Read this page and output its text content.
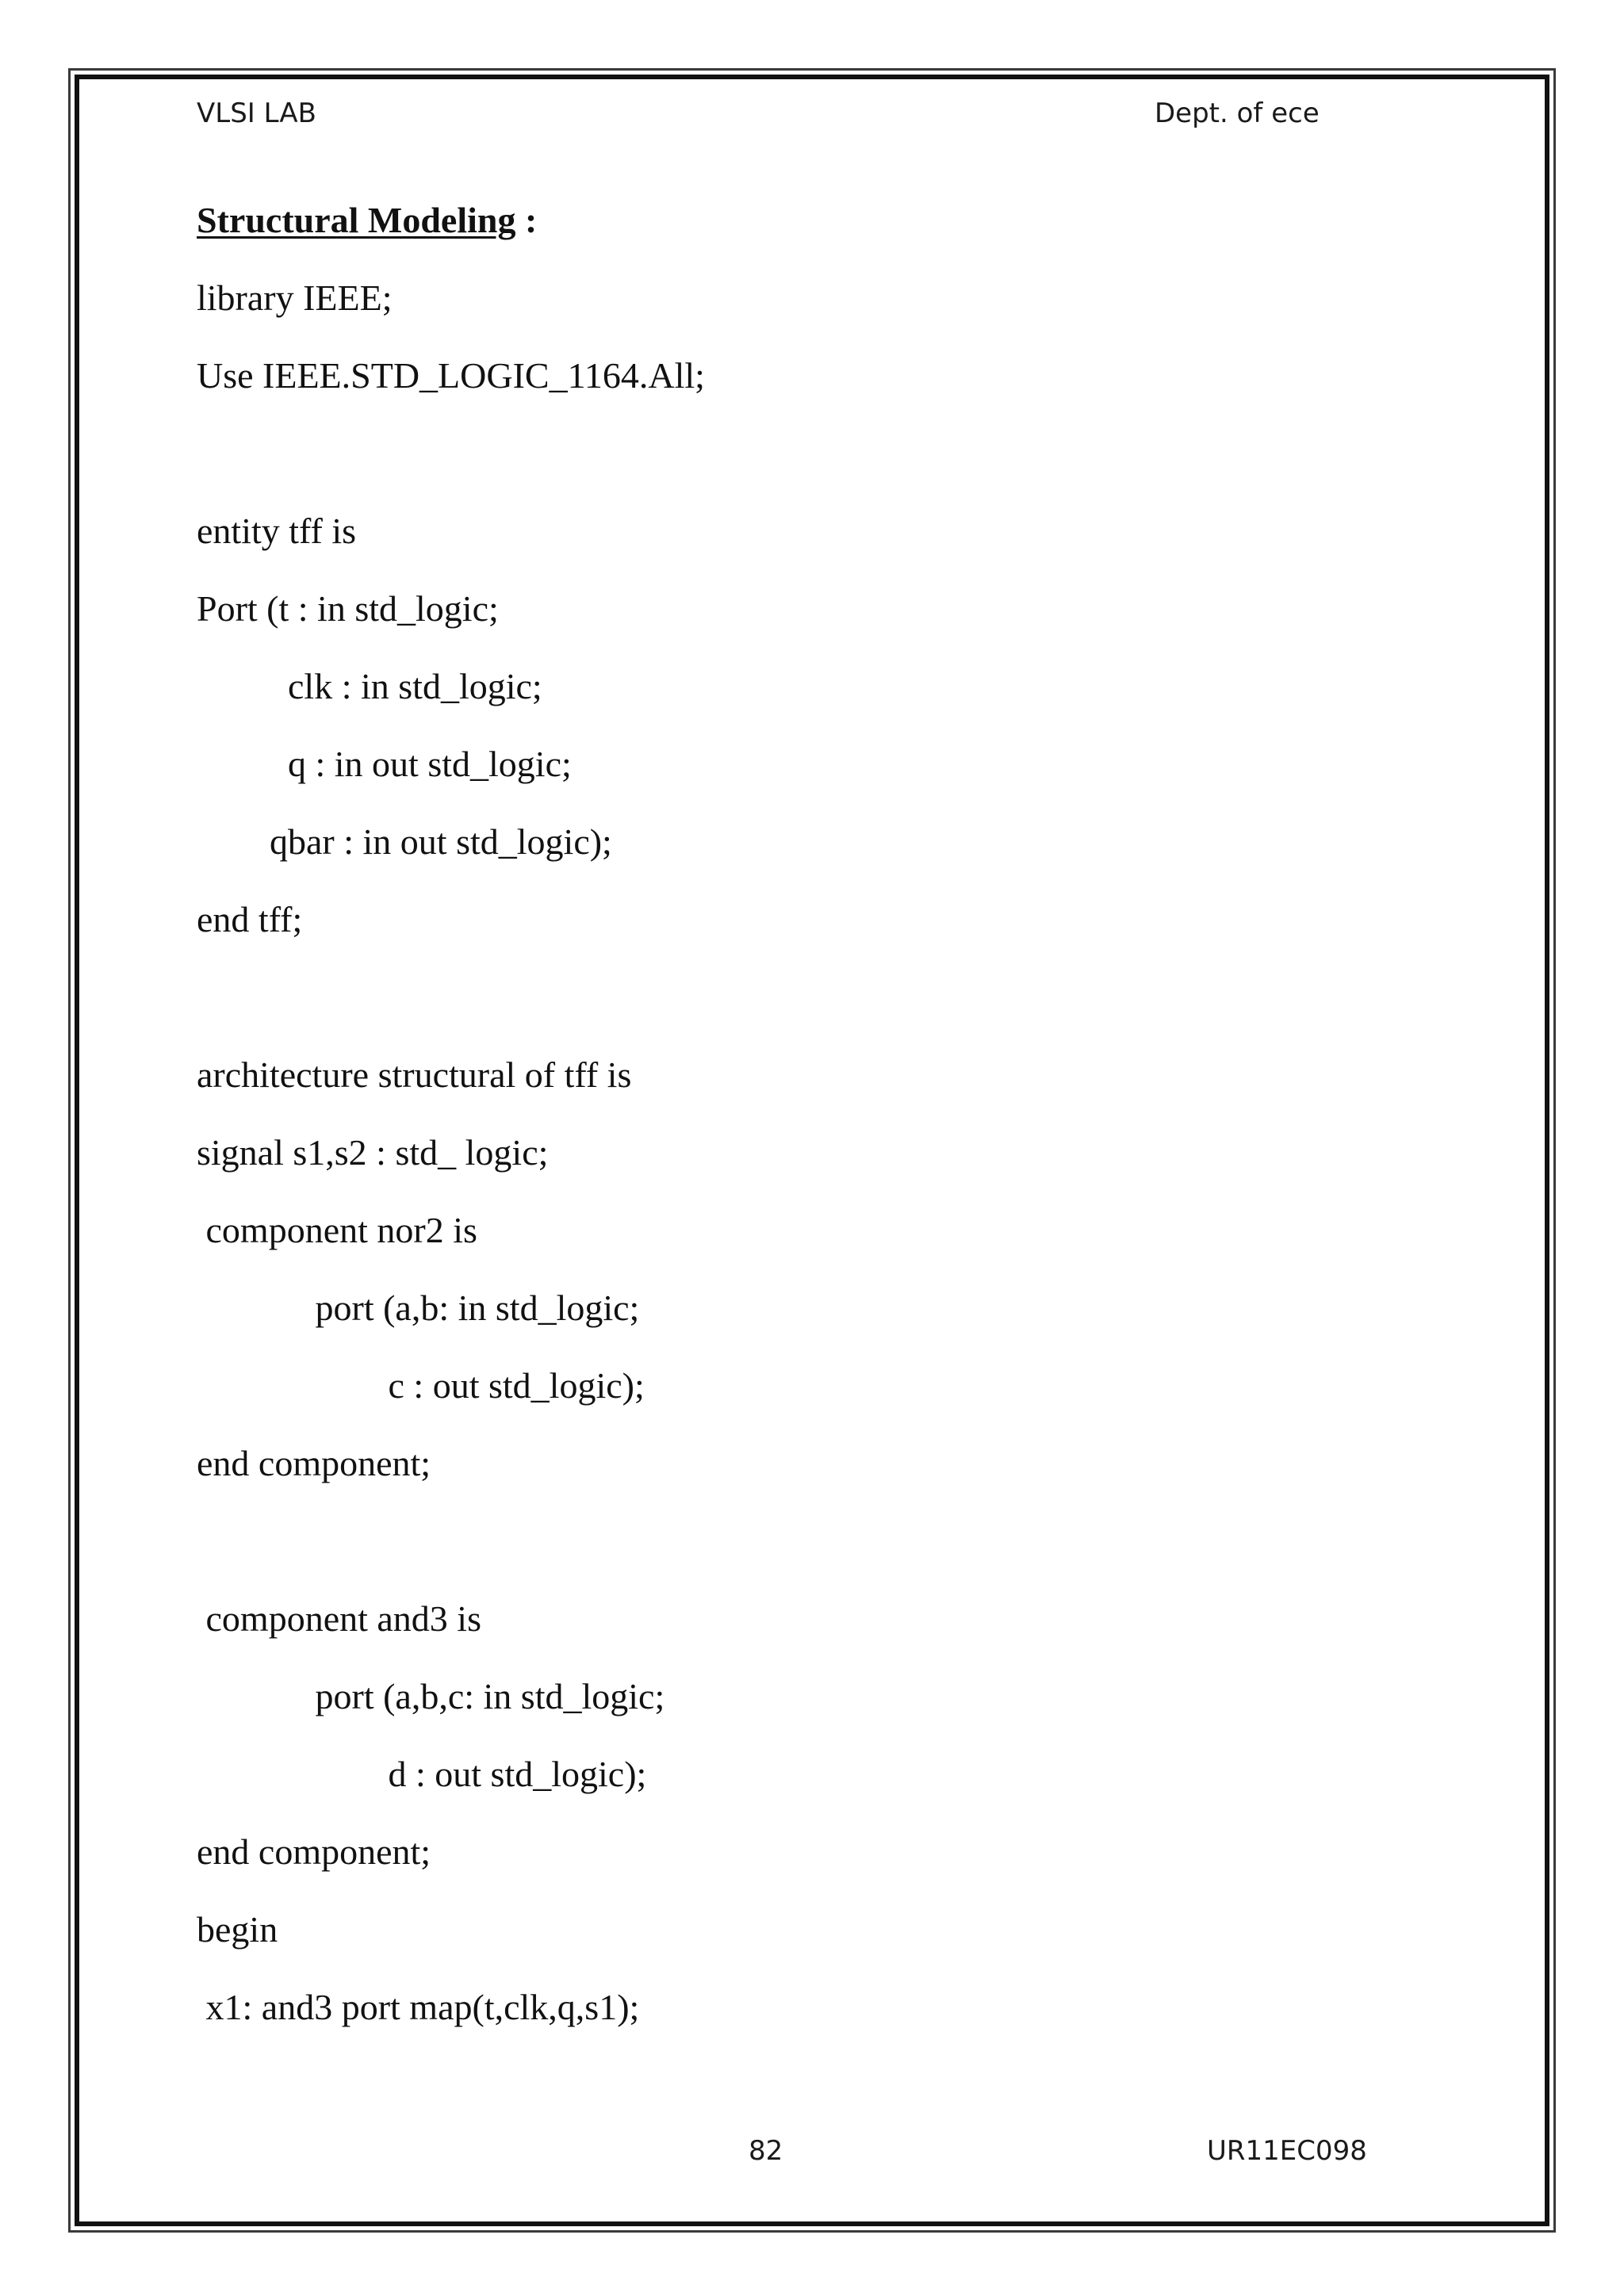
VLSI LAB	Dept. of ece
Structural Modeling :
library IEEE;
Use IEEE.STD_LOGIC_1164.All;
entity tff is
Port (t : in std_logic;
clk : in std_logic;
q : in out std_logic;
qbar : in out std_logic);
end tff;
architecture structural of tff is
signal s1,s2 : std_ logic;
component nor2 is
port (a,b: in std_logic;
c : out std_logic);
end component;
component and3 is
port (a,b,c: in std_logic;
d : out std_logic);
end component;
begin
x1: and3 port map(t,clk,q,s1);
82	UR11EC098
